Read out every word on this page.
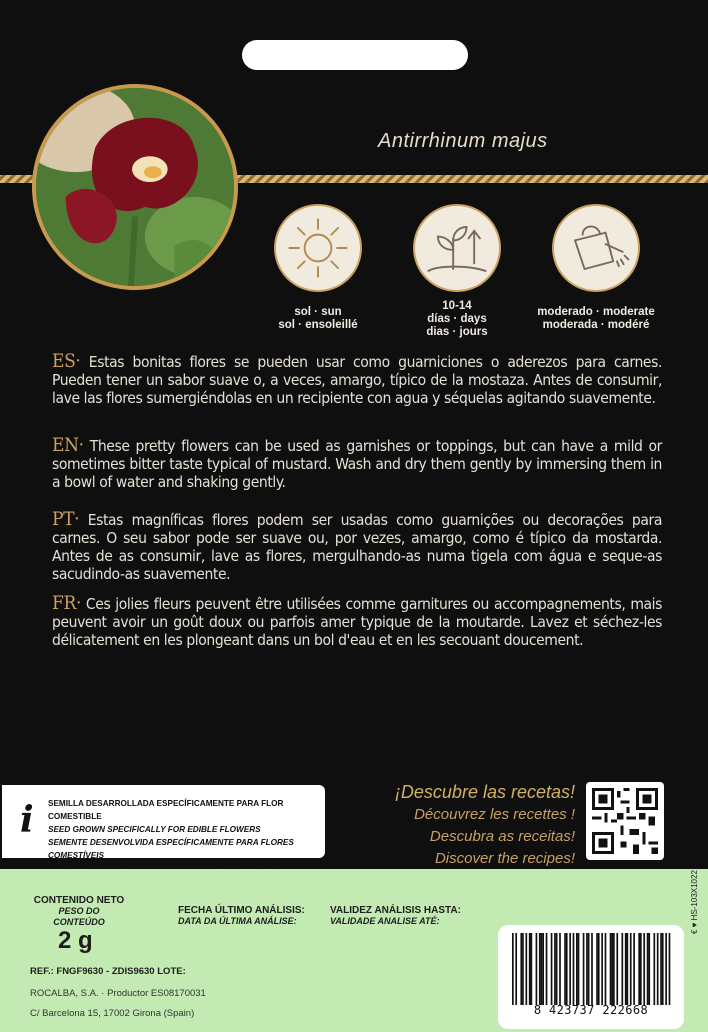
Antirrhinum majus
sol · sun
sol · ensoleillé
10-14
días · days
dias · jours
moderado · moderate
moderada · modéré
ES· Estas bonitas flores se pueden usar como guarniciones o aderezos para carnes. Pueden tener un sabor suave o, a veces, amargo, típico de la mostaza. Antes de consumir, lave las flores sumergiéndolas en un recipiente con agua y séquelas agitando suavemente.
EN· These pretty flowers can be used as garnishes or toppings, but can have a mild or sometimes bitter taste typical of mustard. Wash and dry them gently by immersing them in a bowl of water and shaking gently.
PT· Estas magníficas flores podem ser usadas como guarnições ou decorações para carnes. O seu sabor pode ser suave ou, por vezes, amargo, como é típico da mostarda. Antes de as consumir, lave as flores, mergulhando-as numa tigela com água e seque-as sacudindo-as suavemente.
FR· Ces jolies fleurs peuvent être utilisées comme garnitures ou accompagnements, mais peuvent avoir un goût doux ou parfois amer typique de la moutarde. Lavez et séchez-les délicatement en les plongeant dans un bol d'eau et en les secouant doucement.
i SEMILLA DESARROLLADA ESPECÍFICAMENTE PARA FLOR COMESTIBLE
SEED GROWN SPECIFICALLY FOR EDIBLE FLOWERS
SEMENTE DESENVOLVIDA ESPECÍFICAMENTE PARA FLORES COMESTÍVEIS
¡Descubre las recetas!
Découvrez les recettes !
Descubra as receitas!
Discover the recipes!
CONTENIDO NETO
PESO DO CONTEÚDO
2 g
FECHA ÚLTIMO ANÁLISIS:
DATA DA ÚLTIMA ANÁLISE:
VALIDEZ ANÁLISIS HASTA:
VALIDADE ANALISE ATÉ:
REF.: FNGF9630 - ZDIS9630 LOTE:
ROCALBA, S.A. · Productor ES08170031
C/ Barcelona 15, 17002 Girona (Spain)	8 423737 222668
€ ♥ HS-103X1022
